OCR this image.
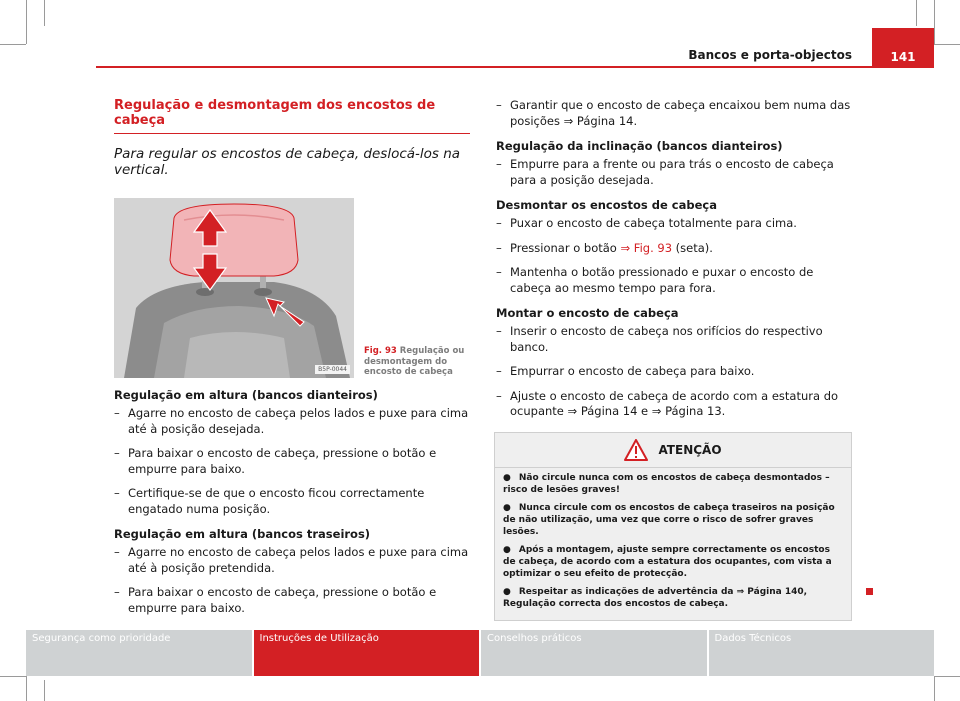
Bancos e porta-objectos	141
Regulação e desmontagem dos encostos de cabeça
Para regular os encostos de cabeça, deslocá-los na vertical.
B5P-0044
Fig. 93 Regulação ou desmontagem do encosto de cabeça
Regulação em altura (bancos dianteiros)
– Agarre no encosto de cabeça pelos lados e puxe para cima até à posição desejada.
– Para baixar o encosto de cabeça, pressione o botão e empurre para baixo.
– Certifique-se de que o encosto ficou correctamente engatado numa posição.
Regulação em altura (bancos traseiros)
– Agarre no encosto de cabeça pelos lados e puxe para cima até à posição pretendida.
– Para baixar o encosto de cabeça, pressione o botão e empurre para baixo.
– Garantir que o encosto de cabeça encaixou bem numa das posições ⇒ Página 14.
Regulação da inclinação (bancos dianteiros)
– Empurre para a frente ou para trás o encosto de cabeça para a posição desejada.
Desmontar os encostos de cabeça
– Puxar o encosto de cabeça totalmente para cima.
– Pressionar o botão ⇒ Fig. 93 (seta).
– Mantenha o botão pressionado e puxar o encosto de cabeça ao mesmo tempo para fora.
Montar o encosto de cabeça
– Inserir o encosto de cabeça nos orifícios do respectivo banco.
– Empurrar o encosto de cabeça para baixo.
– Ajuste o encosto de cabeça de acordo com a estatura do ocupante ⇒ Página 14 e ⇒ Página 13.
ATENÇÃO
● Não circule nunca com os encostos de cabeça desmontados – risco de lesões graves!
● Nunca circule com os encostos de cabeça traseiros na posição de não utilização, uma vez que corre o risco de sofrer graves lesões.
● Após a montagem, ajuste sempre correctamente os encostos de cabeça, de acordo com a estatura dos ocupantes, com vista a optimizar o seu efeito de protecção.
● Respeitar as indicações de advertência da ⇒ Página 140, Regulação correcta dos encostos de cabeça.
Segurança como prioridade	Instruções de Utilização	Conselhos práticos	Dados Técnicos
